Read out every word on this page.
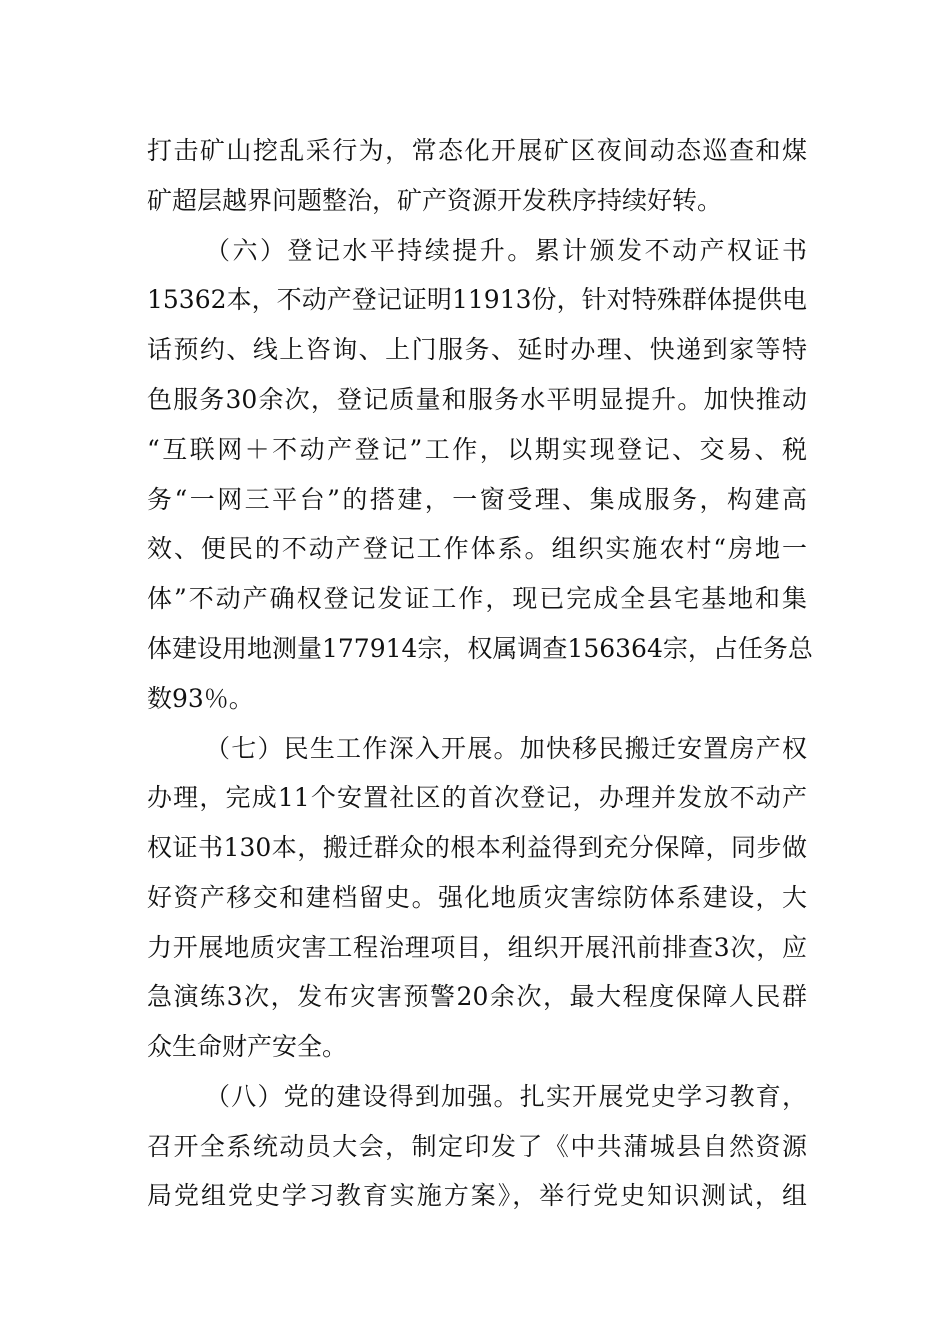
打击矿山挖乱采行为，常态化开展矿区夜间动态巡查和煤
矿超层越界问题整治，矿产资源开发秩序持续好转。
（六）登记水平持续提升。累计颁发不动产权证书
15362本，不动产登记证明11913份，针对特殊群体提供电
话预约、线上咨询、上门服务、延时办理、快递到家等特
色服务30余次，登记质量和服务水平明显提升。加快推动
“互联网＋不动产登记”工作，以期实现登记、交易、税
务“一网三平台”的搭建，一窗受理、集成服务，构建高
效、便民的不动产登记工作体系。组织实施农村“房地一
体”不动产确权登记发证工作，现已完成全县宅基地和集
体建设用地测量177914宗，权属调查156364宗，占任务总
数93％。
（七）民生工作深入开展。加快移民搬迁安置房产权
办理，完成11个安置社区的首次登记，办理并发放不动产
权证书130本，搬迁群众的根本利益得到充分保障，同步做
好资产移交和建档留史。强化地质灾害综防体系建设，大
力开展地质灾害工程治理项目，组织开展汛前排查3次，应
急演练3次，发布灾害预警20余次，最大程度保障人民群
众生命财产安全。
（八）党的建设得到加强。扎实开展党史学习教育，
召开全系统动员大会，制定印发了《中共蒲城县自然资源
局党组党史学习教育实施方案》，举行党史知识测试，组
